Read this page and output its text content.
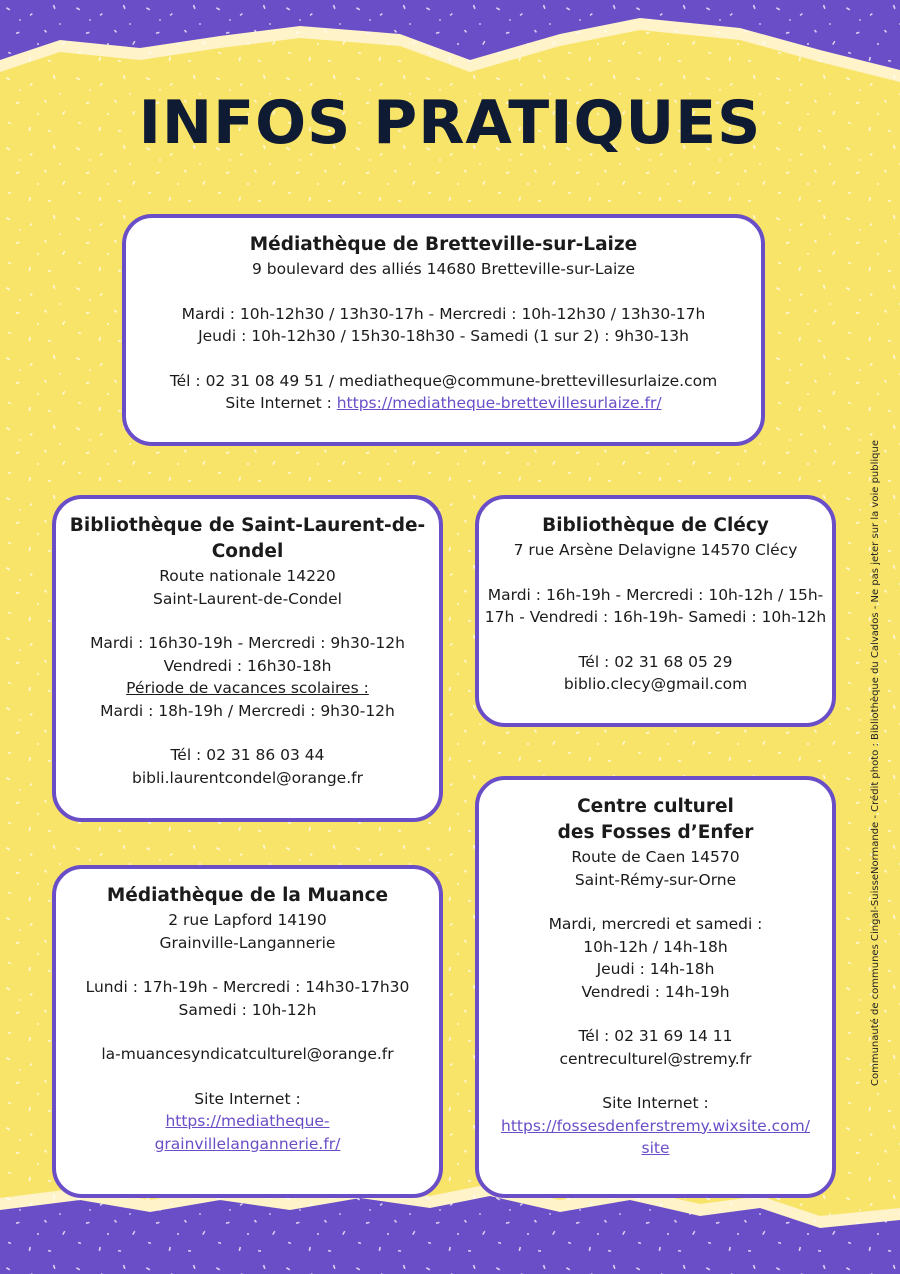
INFOS PRATIQUES
Médiathèque de Bretteville-sur-Laize
9 boulevard des alliés 14680 Bretteville-sur-Laize
Mardi : 10h-12h30 / 13h30-17h - Mercredi : 10h-12h30 / 13h30-17h
Jeudi : 10h-12h30 / 15h30-18h30 - Samedi (1 sur 2) : 9h30-13h
Tél : 02 31 08 49 51 / mediatheque@commune-brettevillesurlaize.com
Site Internet : https://mediatheque-brettevillesurlaize.fr/
Bibliothèque de Saint-Laurent-de-
Condel
Route nationale 14220
Saint-Laurent-de-Condel
Mardi : 16h30-19h - Mercredi : 9h30-12h
Vendredi : 16h30-18h
Période de vacances scolaires :
Mardi : 18h-19h / Mercredi : 9h30-12h
Tél : 02 31 86 03 44
bibli.laurentcondel@orange.fr
Bibliothèque de Clécy
7 rue Arsène Delavigne 14570 Clécy
Mardi : 16h-19h - Mercredi : 10h-12h / 15h-
17h - Vendredi : 16h-19h- Samedi : 10h-12h
Tél : 02 31 68 05 29
biblio.clecy@gmail.com
Centre culturel
des Fosses d’Enfer
Route de Caen 14570
Saint-Rémy-sur-Orne
Mardi, mercredi et samedi :
10h-12h / 14h-18h
Jeudi : 14h-18h
Vendredi : 14h-19h
Tél : 02 31 69 14 11
centreculturel@stremy.fr
Site Internet :
https://fossesdenferstremy.wixsite.com/
site
Médiathèque de la Muance
2 rue Lapford 14190
Grainville-Langannerie
Lundi : 17h-19h - Mercredi : 14h30-17h30
Samedi : 10h-12h
la-muancesyndicatculturel@orange.fr
Site Internet :
https://mediatheque-
grainvillelangannerie.fr/
Communauté de communes Cingal-SuisseNormande - Crédit photo : Bibliothèque du Calvados - Ne pas jeter sur la voie publique
